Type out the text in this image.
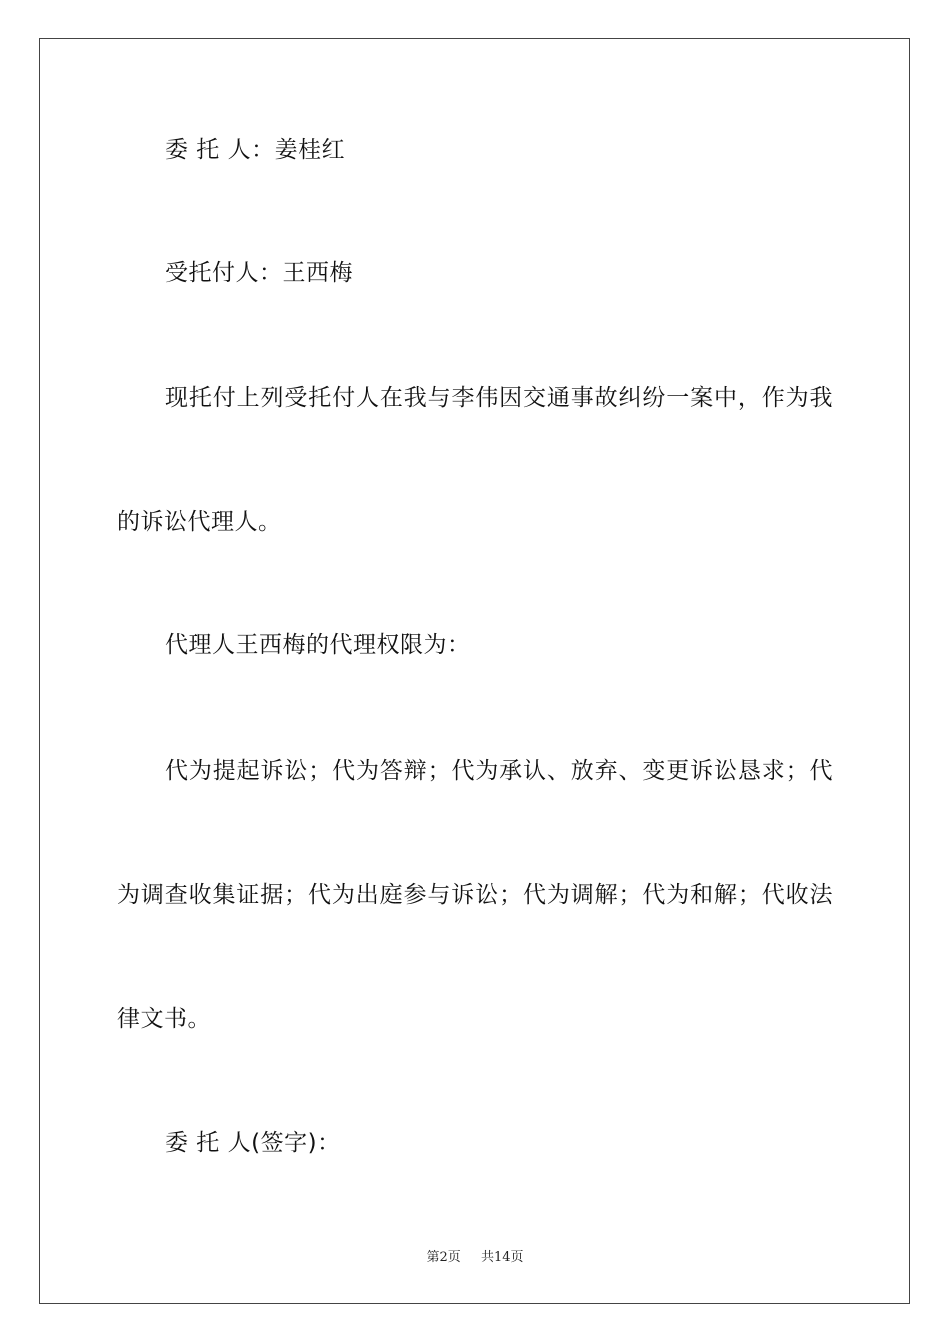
委 托 人：姜桂红
受托付人：王西梅
现托付上列受托付人在我与李伟因交通事故纠纷一案中，作为我
的诉讼代理人。
代理人王西梅的代理权限为：
代为提起诉讼；代为答辩；代为承认、放弃、变更诉讼恳求；代
为调查收集证据；代为出庭参与诉讼；代为调解；代为和解；代收法
律文书。
委 托 人(签字)：
第2页 共14页
